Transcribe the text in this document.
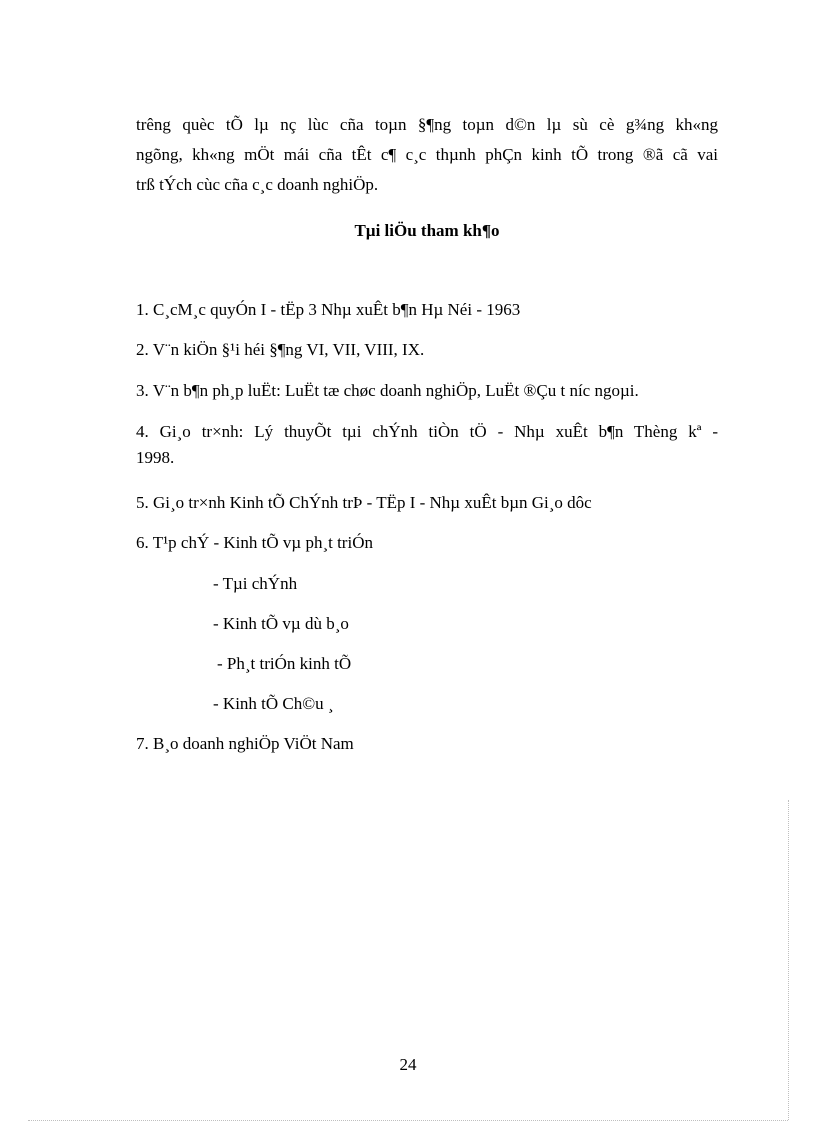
trêng quèc tÕ lµ nç lùc cña toµn §¶ng toµn d©n lµ sù cè g¾ng kh«ng
ngõng, kh«ng mÖt mái cña tÊt c¶ c¸c thµnh phÇn kinh tÕ trong ®ã cã vai
trß tÝch cùc cña c¸c doanh nghiÖp.
Tµi liÖu tham kh¶o
1. C¸cM¸c quyÓn I - tËp 3 Nhµ xuÊt b¶n Hµ Néi - 1963
2. V¨n kiÖn §¹i héi §¶ng VI, VII, VIII, IX.
3. V¨n b¶n ph¸p luËt: LuËt tæ chøc doanh nghiÖp, LuËt ®Çu t níc ngoµi.
4. Gi¸o tr×nh: Lý thuyÕt tµi chÝnh tiÒn tÖ - Nhµ xuÊt b¶n Thèng kª -
1998.
5. Gi¸o tr×nh Kinh tÕ ChÝnh trÞ - TËp I - Nhµ xuÊt bµn Gi¸o dôc
6. T¹p chÝ - Kinh tÕ vµ ph¸t triÓn
- Tµi chÝnh
- Kinh tÕ vµ dù b¸o
- Ph¸t triÓn kinh tÕ
- Kinh tÕ Ch©u ¸
7. B¸o doanh nghiÖp ViÖt Nam
24
